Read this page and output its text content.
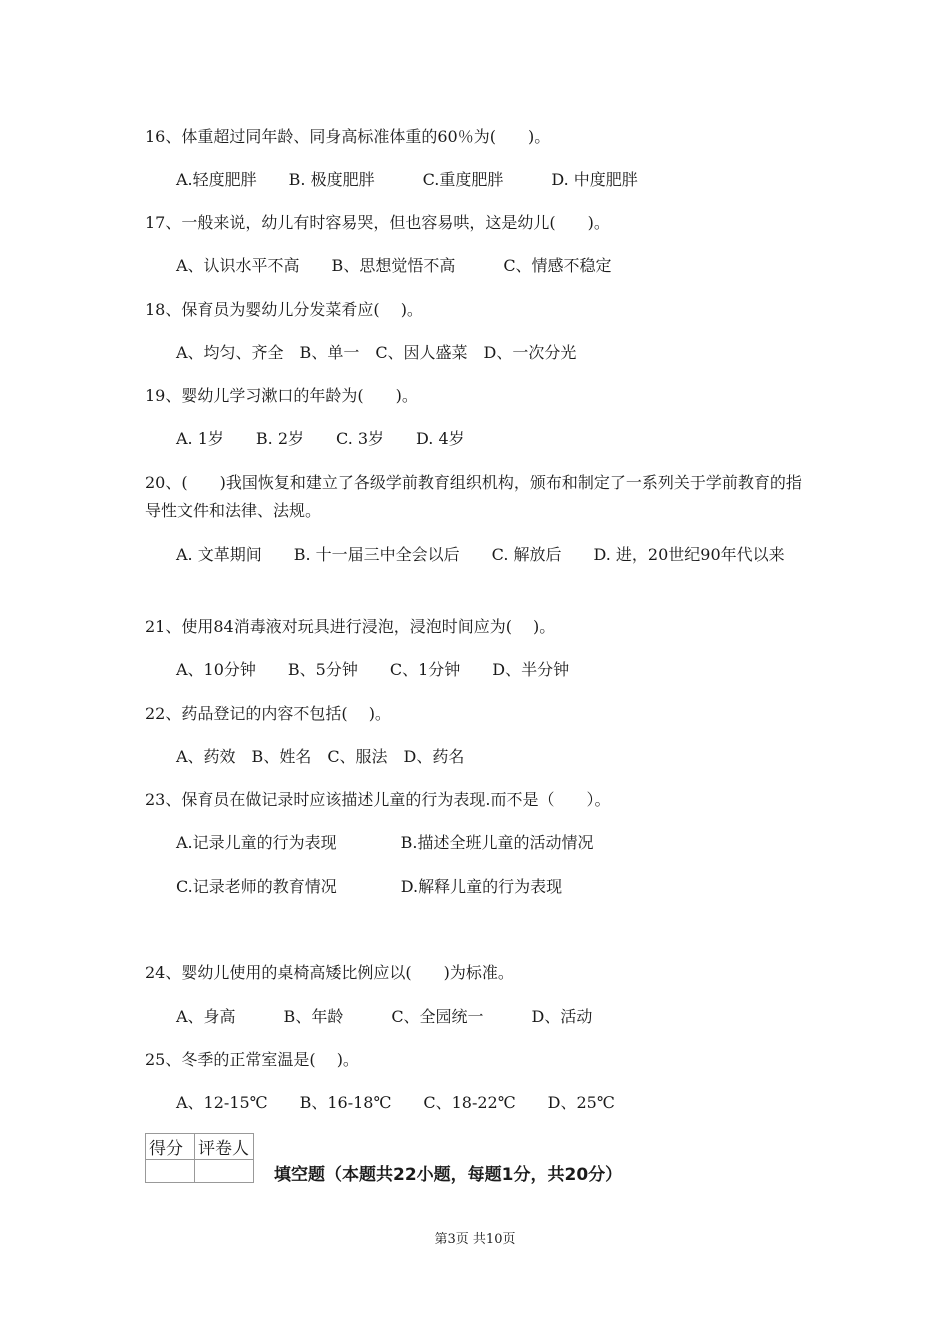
16、体重超过同年龄、同身高标准体重的60％为(　　)。
A.轻度肥胖　　B. 极度肥胖　　　C.重度肥胖　　　D. 中度肥胖
17、一般来说，幼儿有时容易哭，但也容易哄，这是幼儿(　　)。
A、认识水平不高　　B、思想觉悟不高　　　C、情感不稳定
18、保育员为婴幼儿分发菜肴应(　 )。
A、均匀、齐全　B、单一　C、因人盛菜　D、一次分光
19、婴幼儿学习漱口的年龄为(　　)。
A. 1岁　　B. 2岁　　C. 3岁　　D. 4岁
20、(　　)我国恢复和建立了各级学前教育组织机构，颁布和制定了一系列关于学前教育的指导性文件和法律、法规。
A. 文革期间　　B. 十一届三中全会以后　　C. 解放后　　D. 进，20世纪90年代以来
21、使用84消毒液对玩具进行浸泡，浸泡时间应为(　 )。
A、10分钟　　B、5分钟　　C、1分钟　　D、半分钟
22、药品登记的内容不包括(　 )。
A、药效　B、姓名　C、服法　D、药名
23、保育员在做记录时应该描述儿童的行为表现.而不是（　　）。
A.记录儿童的行为表现　　　　B.描述全班儿童的活动情况
C.记录老师的教育情况　　　　D.解释儿童的行为表现
24、婴幼儿使用的桌椅高矮比例应以(　　)为标准。
A、身高　　　B、年龄　　　C、全园统一　　　D、活动
25、冬季的正常室温是(　 )。
A、12-15℃　　B、16-18℃　　C、18-22℃　　D、25℃
得分	评卷人

填空题（本题共22小题，每题1分，共20分）
第3页 共10页
